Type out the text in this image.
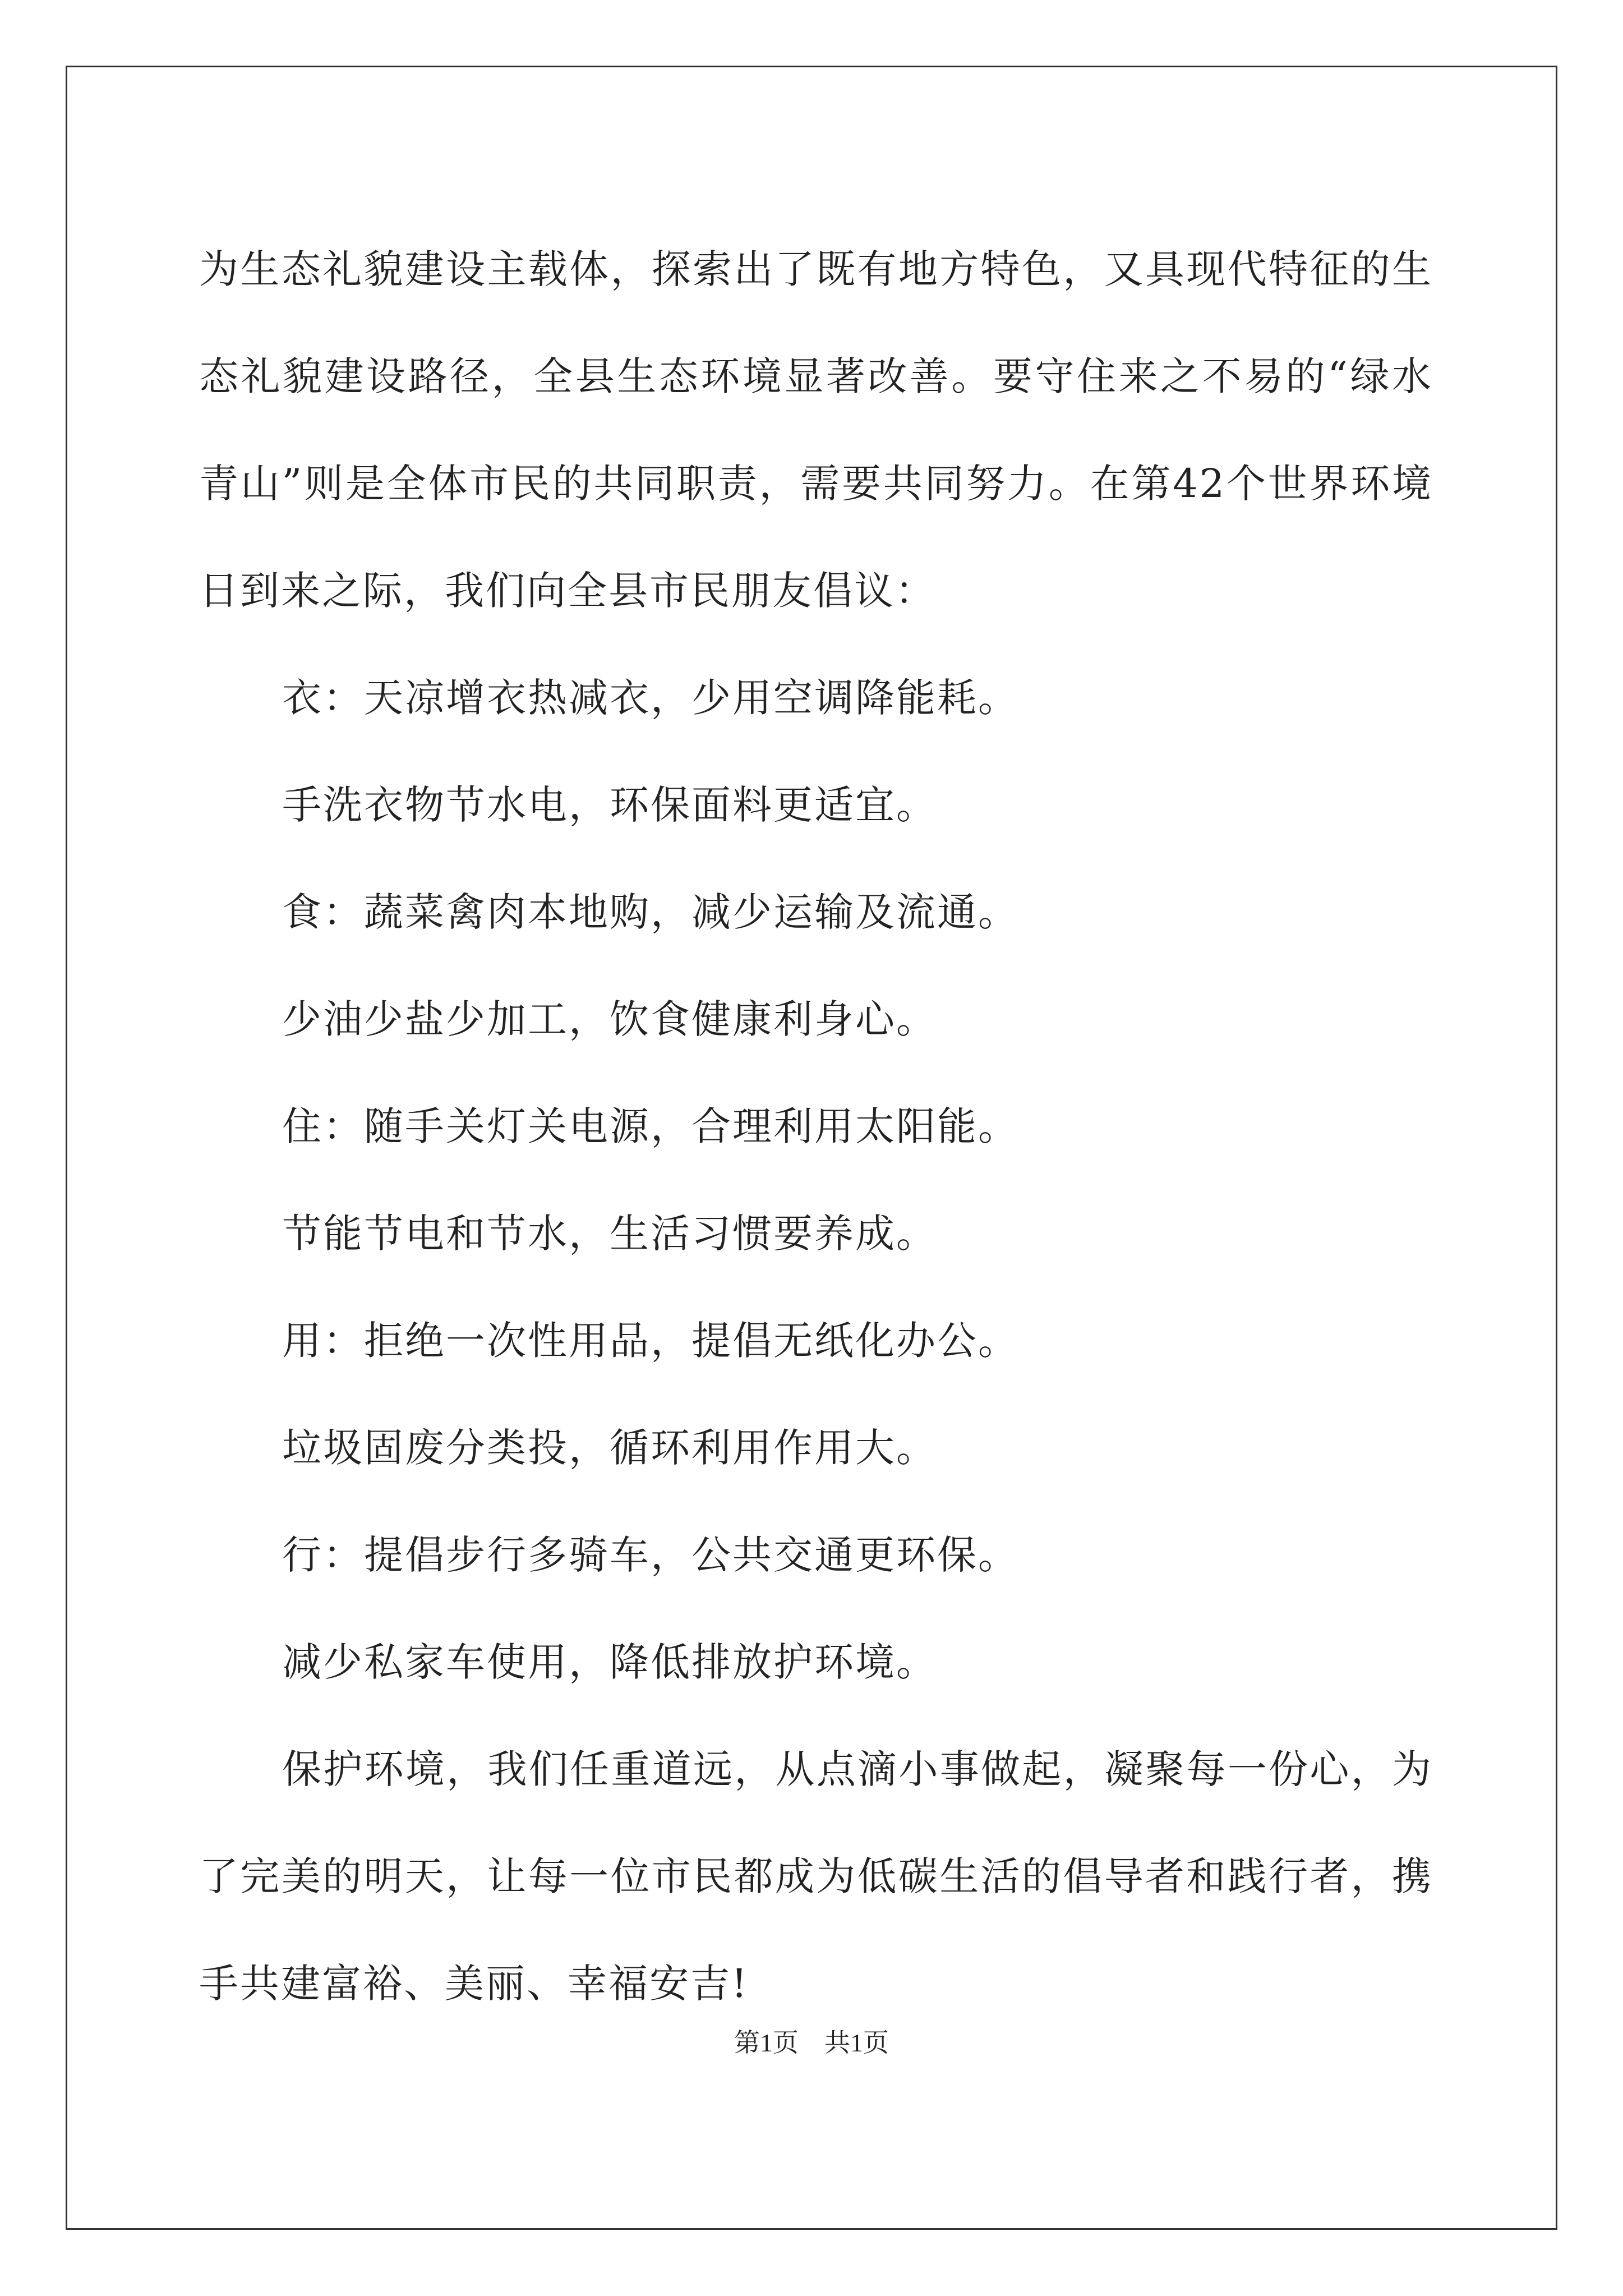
为生态礼貌建设主载体，探索出了既有地方特色，又具现代特征的生态礼貌建设路径，全县生态环境显著改善。要守住来之不易的“绿水青山”则是全体市民的共同职责，需要共同努力。在第42个世界环境日到来之际，我们向全县市民朋友倡议：

衣：天凉增衣热减衣，少用空调降能耗。

手洗衣物节水电，环保面料更适宜。

食：蔬菜禽肉本地购，减少运输及流通。

少油少盐少加工，饮食健康利身心。

住：随手关灯关电源，合理利用太阳能。

节能节电和节水，生活习惯要养成。

用：拒绝一次性用品，提倡无纸化办公。

垃圾固废分类投，循环利用作用大。

行：提倡步行多骑车，公共交通更环保。

减少私家车使用，降低排放护环境。

保护环境，我们任重道远，从点滴小事做起，凝聚每一份心，为了完美的明天，让每一位市民都成为低碳生活的倡导者和践行者，携手共建富裕、美丽、幸福安吉!

第1页　共1页
